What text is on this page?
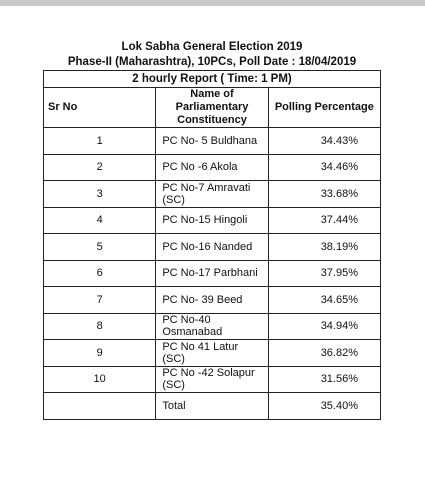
Lok Sabha General Election 2019
Phase-II (Maharashtra), 10PCs, Poll Date : 18/04/2019
2 hourly Report ( Time: 1 PM)		
Sr No	Name of Parliamentary Constituency	Polling Percentage
1	PC No- 5 Buldhana	34.43%
2	PC No -6 Akola	34.46%
3	PC No-7 Amravati (SC)	33.68%
4	PC No-15 Hingoli	37.44%
5	PC No-16 Nanded	38.19%
6	PC No-17 Parbhani	37.95%
7	PC No- 39 Beed	34.65%
8	PC No-40 Osmanabad	34.94%
9	PC No 41 Latur (SC)	36.82%
10	PC No -42 Solapur (SC)	31.56%
	Total	35.40%
